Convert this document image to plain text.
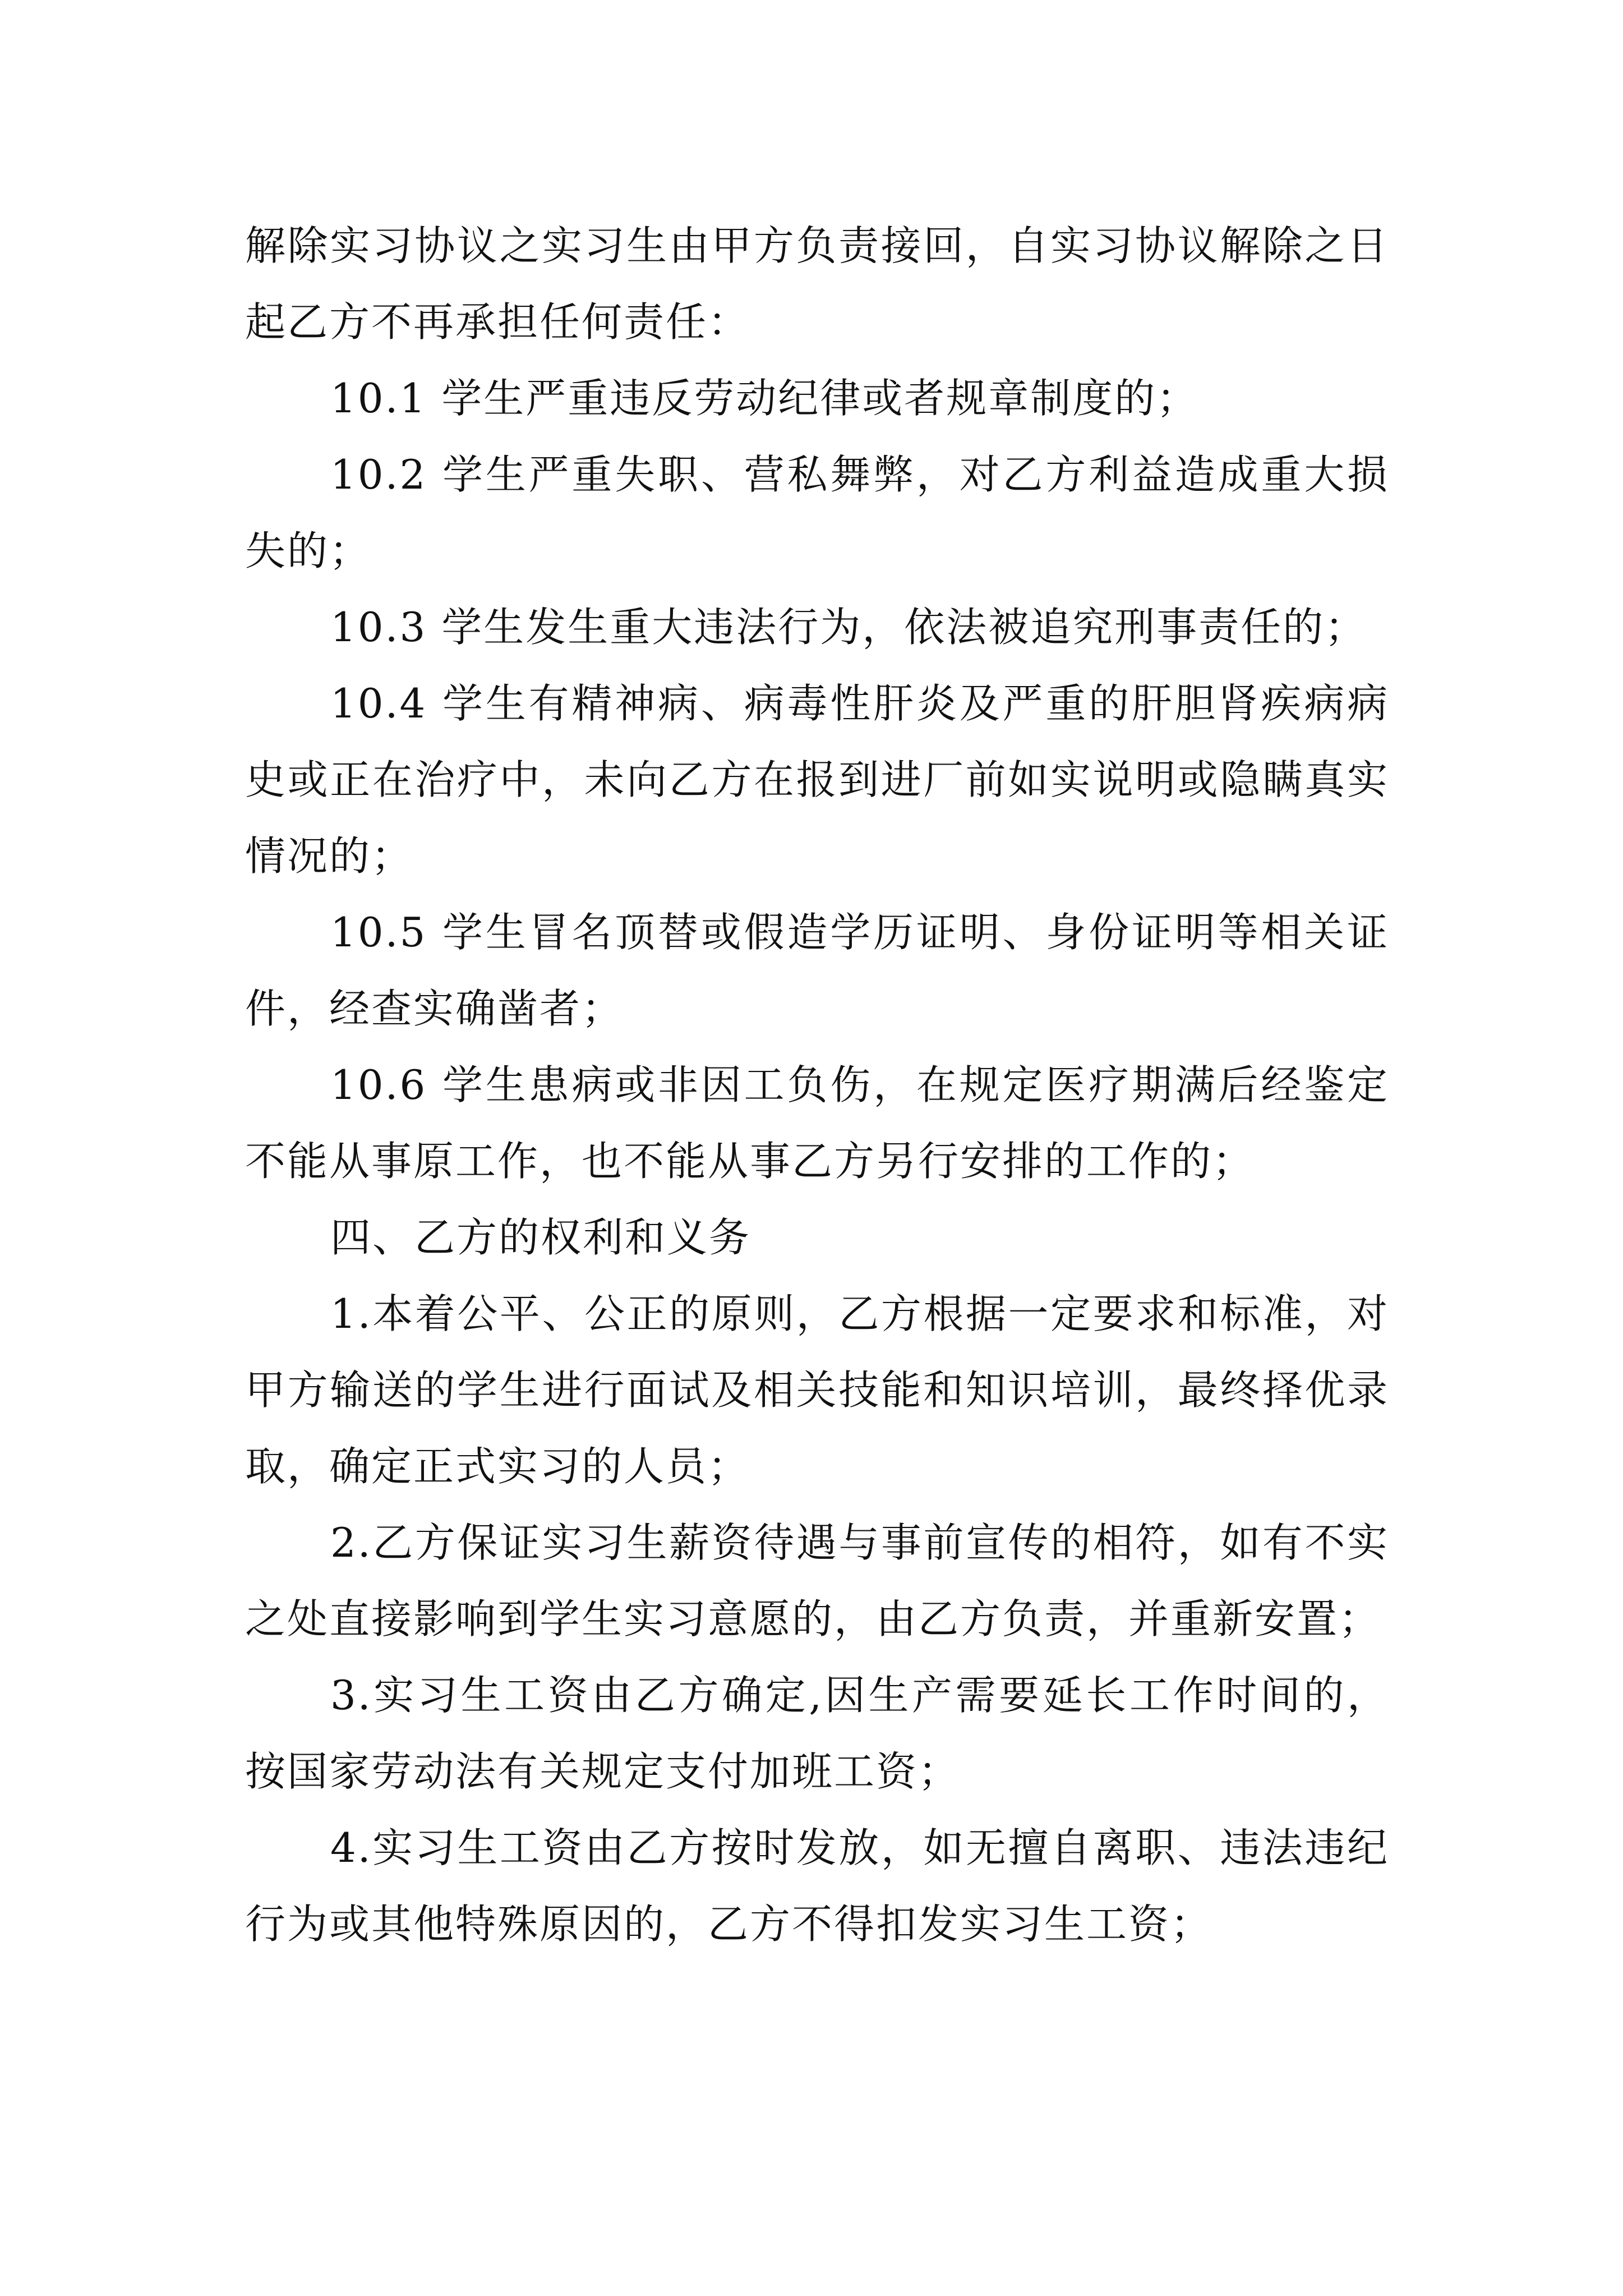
解除实习协议之实习生由甲方负责接回，自实习协议解除之日起乙方不再承担任何责任：

10.1 学生严重违反劳动纪律或者规章制度的；

10.2 学生严重失职、营私舞弊，对乙方利益造成重大损失的；

10.3 学生发生重大违法行为，依法被追究刑事责任的；

10.4 学生有精神病、病毒性肝炎及严重的肝胆肾疾病病史或正在治疗中，未向乙方在报到进厂前如实说明或隐瞒真实情况的；

10.5 学生冒名顶替或假造学历证明、身份证明等相关证件，经查实确凿者；

10.6 学生患病或非因工负伤，在规定医疗期满后经鉴定不能从事原工作，也不能从事乙方另行安排的工作的；

四、乙方的权利和义务

1.本着公平、公正的原则，乙方根据一定要求和标准，对甲方输送的学生进行面试及相关技能和知识培训，最终择优录取，确定正式实习的人员；

2.乙方保证实习生薪资待遇与事前宣传的相符，如有不实之处直接影响到学生实习意愿的，由乙方负责，并重新安置；

3.实习生工资由乙方确定,因生产需要延长工作时间的，按国家劳动法有关规定支付加班工资；

4.实习生工资由乙方按时发放，如无擅自离职、违法违纪行为或其他特殊原因的，乙方不得扣发实习生工资；
